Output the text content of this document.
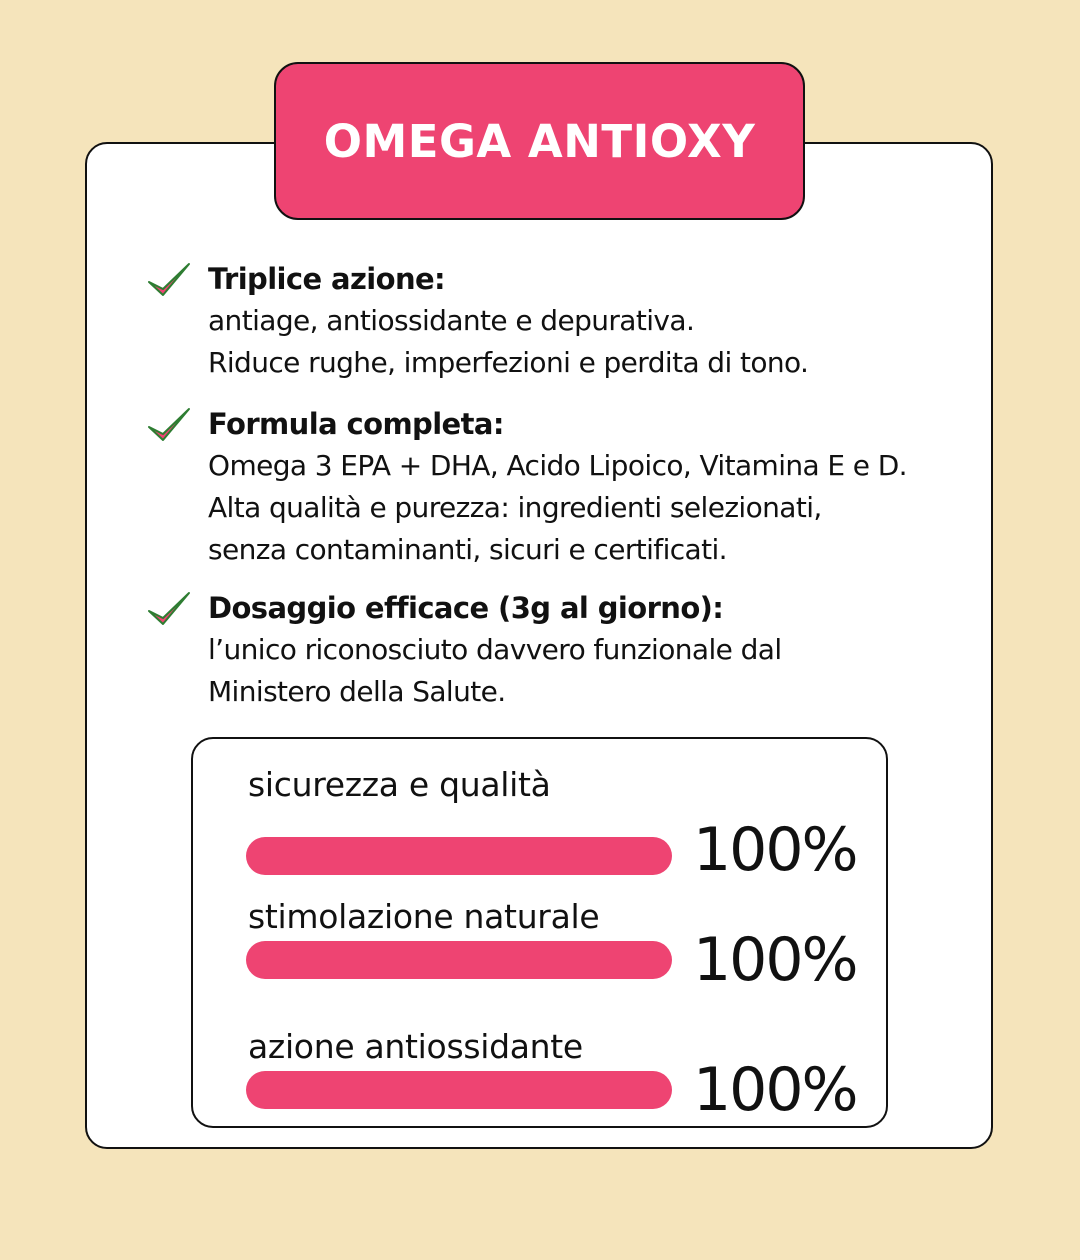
OMEGA ANTIOXY

Triplice azione:

antiage, antiossidante e depurativa.

Riduce rughe, imperfezioni e perdita di tono.

Formula completa:

Omega 3 EPA + DHA, Acido Lipoico, Vitamina E e D.

Alta qualità e purezza: ingredienti selezionati,

senza contaminanti, sicuri e certificati.

Dosaggio efficace (3g al giorno):

l’unico riconosciuto davvero funzionale dal

Ministero della Salute.

sicurezza e qualità
100%
stimolazione naturale
100%
azione antiossidante
100%
